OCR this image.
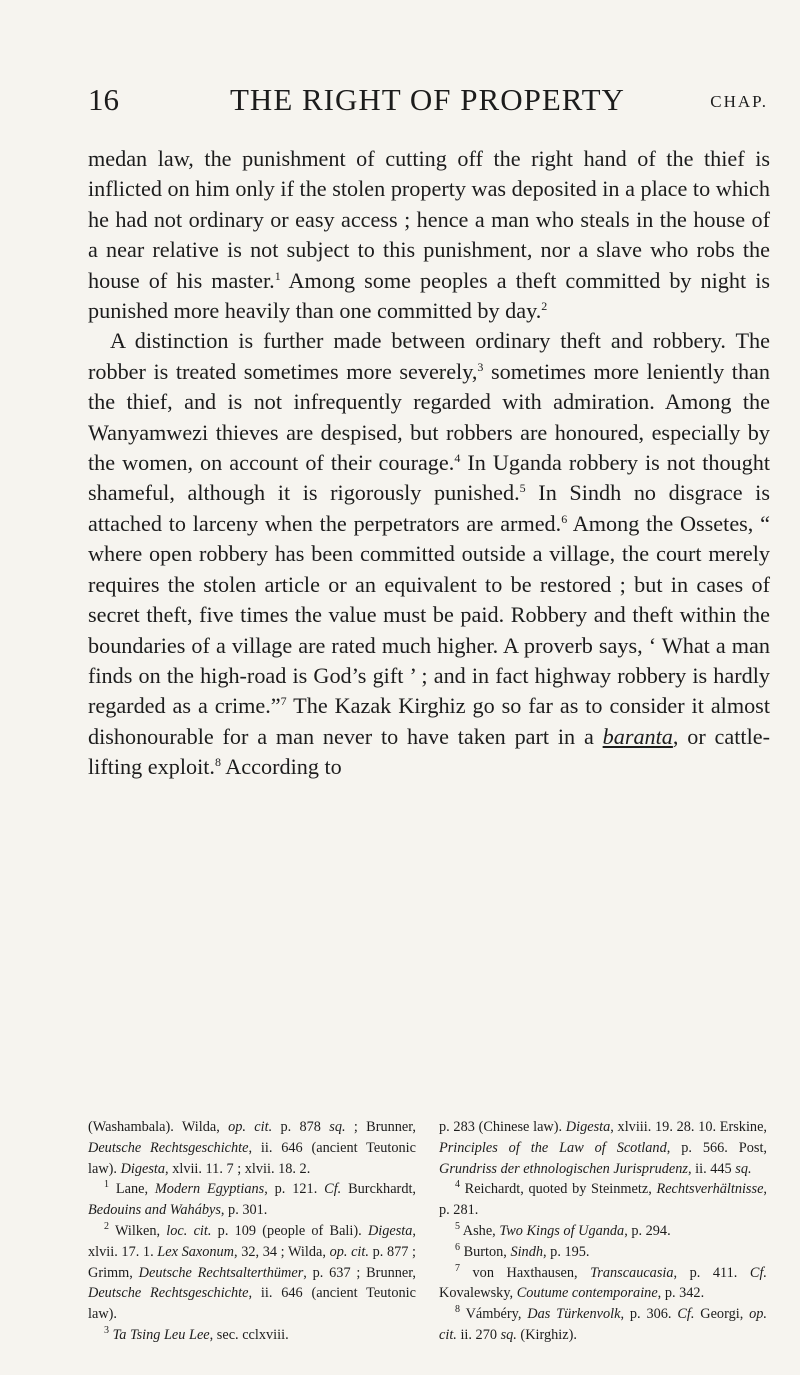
16	THE RIGHT OF PROPERTY	CHAP.

medan law, the punishment of cutting off the right hand of the thief is inflicted on him only if the stolen property was deposited in a place to which he had not ordinary or easy access ; hence a man who steals in the house of a near relative is not subject to this punishment, nor a slave who robs the house of his master.$^1$ Among some peoples a theft committed by night is punished more heavily than one committed by day.$^2$

A distinction is further made between ordinary theft and robbery. The robber is treated sometimes more severely,$^3$ sometimes more leniently than the thief, and is not infrequently regarded with admiration. Among the Wanyamwezi thieves are despised, but robbers are honoured, especially by the women, on account of their courage.$^4$ In Uganda robbery is not thought shameful, although it is rigorously punished.$^5$ In Sindh no disgrace is attached to larceny when the perpetrators are armed.$^6$ Among the Ossetes, “ where open robbery has been committed outside a village, the court merely requires the stolen article or an equivalent to be restored ; but in cases of secret theft, five times the value must be paid. Robbery and theft within the boundaries of a village are rated much higher. A proverb says, ‘ What a man finds on the high-road is God’s gift ’ ; and in fact highway robbery is hardly regarded as a crime.”$^7$ The Kazak Kirghiz go so far as to consider it almost dishonourable for a man never to have taken part in a baranta, or cattle-lifting exploit.$^8$ According to

(Washambala). Wilda, op. cit. p. 878 sq. ; Brunner, Deutsche Rechtsgeschichte, ii. 646 (ancient Teutonic law). Digesta, xlvii. 11. 7 ; xlvii. 18. 2.

$^1$ Lane, Modern Egyptians, p. 121. Cf. Burckhardt, Bedouins and Wahábys, p. 301.

$^2$ Wilken, loc. cit. p. 109 (people of Bali). Digesta, xlvii. 17. 1. Lex Saxonum, 32, 34 ; Wilda, op. cit. p. 877 ; Grimm, Deutsche Rechtsalterthümer, p. 637 ; Brunner, Deutsche Rechtsgeschichte, ii. 646 (ancient Teutonic law).

$^3$ Ta Tsing Leu Lee, sec. cclxviii.

p. 283 (Chinese law). Digesta, xlviii. 19. 28. 10. Erskine, Principles of the Law of Scotland, p. 566. Post, Grundriss der ethnologischen Jurisprudenz, ii. 445 sq.

$^4$ Reichardt, quoted by Steinmetz, Rechtsverhältnisse, p. 281.

$^5$ Ashe, Two Kings of Uganda, p. 294.

$^6$ Burton, Sindh, p. 195.

$^7$ von Haxthausen, Transcaucasia, p. 411. Cf. Kovalewsky, Coutume contemporaine, p. 342.

$^8$ Vámbéry, Das Türkenvolk, p. 306. Cf. Georgi, op. cit. ii. 270 sq. (Kirghiz).
